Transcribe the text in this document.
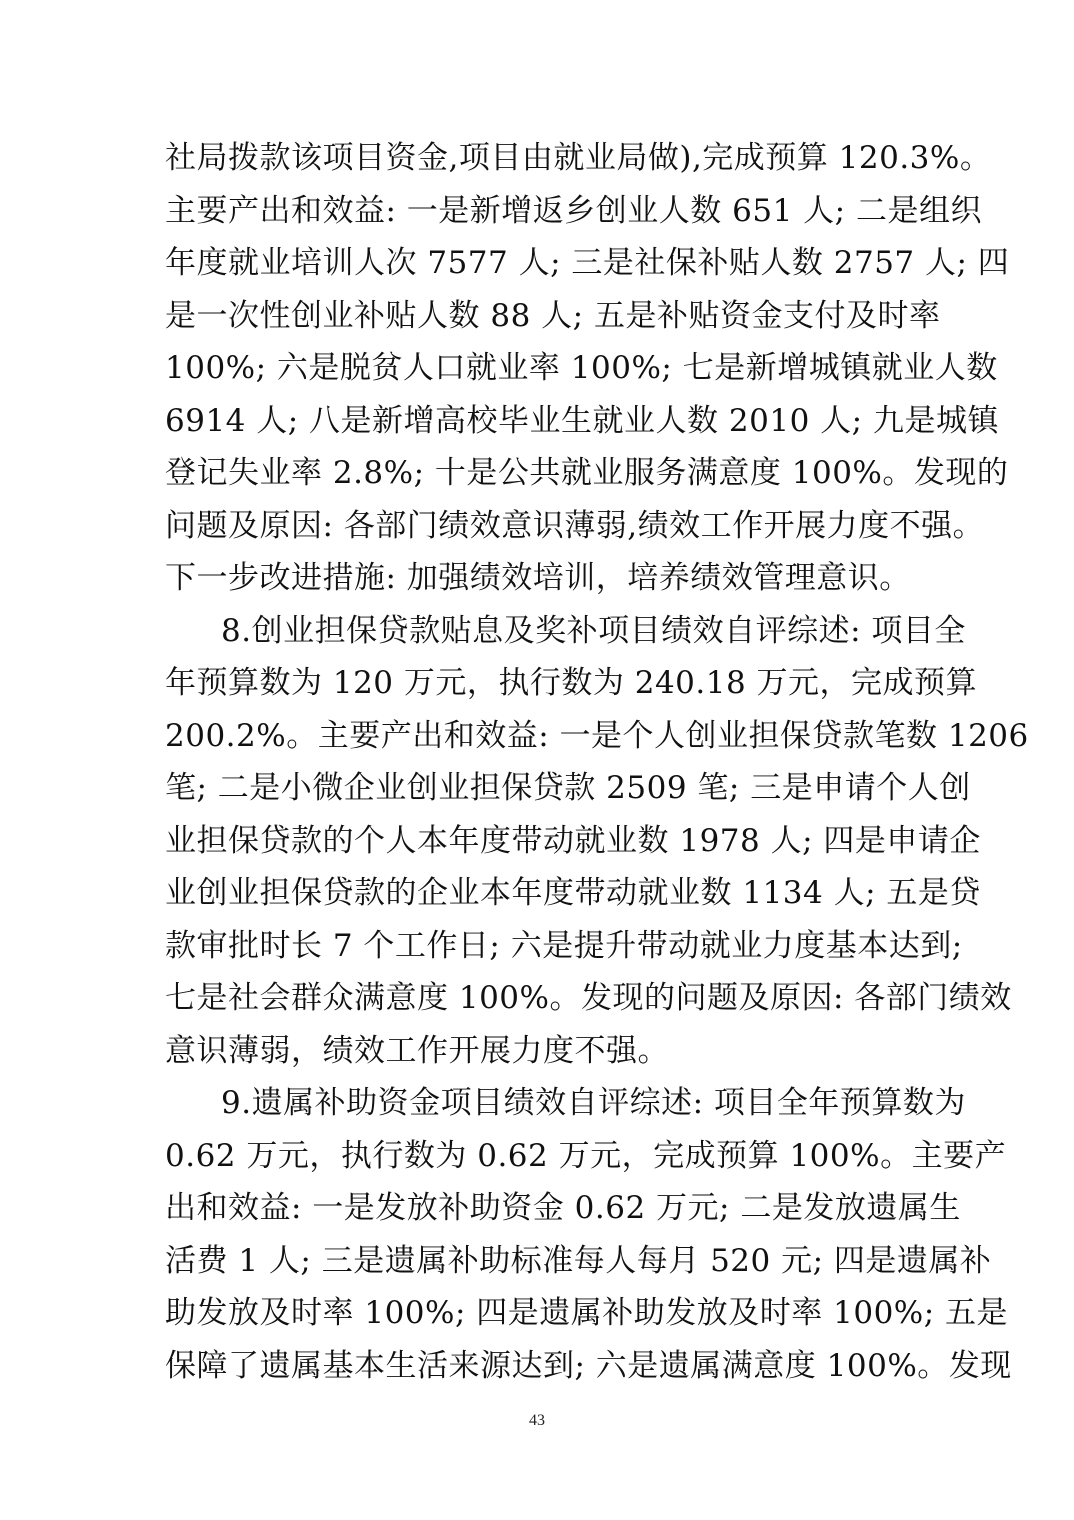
社局拨款该项目资金,项目由就业局做),完成预算 120.3%。
主要产出和效益: 一是新增返乡创业人数 651 人; 二是组织
年度就业培训人次 7577 人; 三是社保补贴人数 2757 人; 四
是一次性创业补贴人数 88 人; 五是补贴资金支付及时率
100%; 六是脱贫人口就业率 100%; 七是新增城镇就业人数
6914 人; 八是新增高校毕业生就业人数 2010 人; 九是城镇
登记失业率 2.8%; 十是公共就业服务满意度 100%。发现的
问题及原因: 各部门绩效意识薄弱,绩效工作开展力度不强。
下一步改进措施: 加强绩效培训，培养绩效管理意识。
8.创业担保贷款贴息及奖补项目绩效自评综述: 项目全
年预算数为 120 万元，执行数为 240.18 万元，完成预算
200.2%。主要产出和效益: 一是个人创业担保贷款笔数 1206
笔; 二是小微企业创业担保贷款 2509 笔; 三是申请个人创
业担保贷款的个人本年度带动就业数 1978 人; 四是申请企
业创业担保贷款的企业本年度带动就业数 1134 人; 五是贷
款审批时长 7 个工作日; 六是提升带动就业力度基本达到;
七是社会群众满意度 100%。发现的问题及原因: 各部门绩效
意识薄弱，绩效工作开展力度不强。
9.遗属补助资金项目绩效自评综述: 项目全年预算数为
0.62 万元，执行数为 0.62 万元，完成预算 100%。主要产
出和效益: 一是发放补助资金 0.62 万元; 二是发放遗属生
活费 1 人; 三是遗属补助标准每人每月 520 元; 四是遗属补
助发放及时率 100%; 四是遗属补助发放及时率 100%; 五是
保障了遗属基本生活来源达到; 六是遗属满意度 100%。发现
43
